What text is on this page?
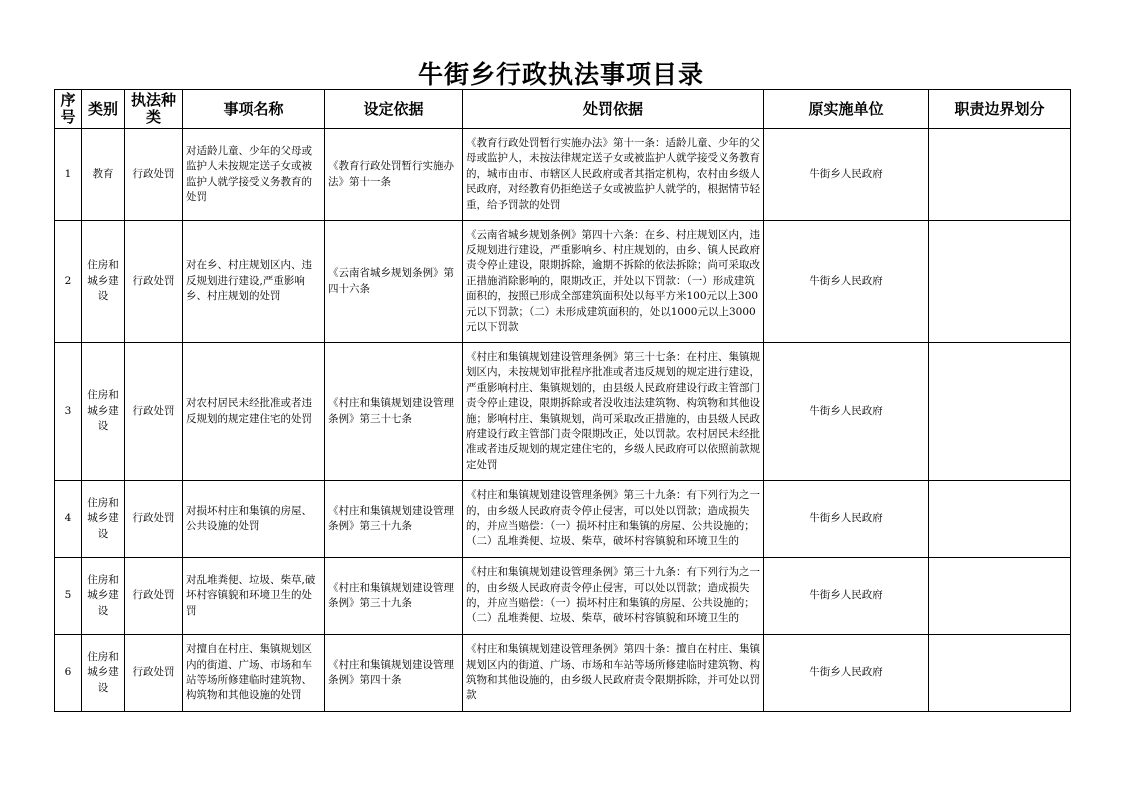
牛街乡行政执法事项目录
序号	类别	执法种类	事项名称	设定依据	处罚依据	原实施单位	职责边界划分
1	教育	行政处罚	对适龄儿童、少年的父母或监护人未按规定送子女或被监护人就学接受义务教育的处罚	《教育行政处罚暂行实施办法》第十一条	《教育行政处罚暂行实施办法》第十一条：适龄儿童、少年的父母或监护人，未按法律规定送子女或被监护人就学接受义务教育的，城市由市、市辖区人民政府或者其指定机构，农村由乡级人民政府，对经教育仍拒绝送子女或被监护人就学的，根据情节轻重，给予罚款的处罚	牛街乡人民政府	
2	住房和城乡建设	行政处罚	对在乡、村庄规划区内、违反规划进行建设,严重影响乡、村庄规划的处罚	《云南省城乡规划条例》第四十六条	《云南省城乡规划条例》第四十六条：在乡、村庄规划区内，违反规划进行建设，严重影响乡、村庄规划的，由乡、镇人民政府责令停止建设，限期拆除，逾期不拆除的依法拆除；尚可采取改正措施消除影响的，限期改正，并处以下罚款：（一）形成建筑面积的，按照已形成全部建筑面积处以每平方米100元以上300元以下罚款；（二）未形成建筑面积的，处以1000元以上3000元以下罚款	牛街乡人民政府	
3	住房和城乡建设	行政处罚	对农村居民未经批准或者违反规划的规定建住宅的处罚	《村庄和集镇规划建设管理条例》第三十七条	《村庄和集镇规划建设管理条例》第三十七条：在村庄、集镇规划区内，未按规划审批程序批准或者违反规划的规定进行建设，严重影响村庄、集镇规划的，由县级人民政府建设行政主管部门责令停止建设，限期拆除或者没收违法建筑物、构筑物和其他设施；影响村庄、集镇规划，尚可采取改正措施的，由县级人民政府建设行政主管部门责令限期改正，处以罚款。农村居民未经批准或者违反规划的规定建住宅的，乡级人民政府可以依照前款规定处罚	牛街乡人民政府	
4	住房和城乡建设	行政处罚	对损坏村庄和集镇的房屋、公共设施的处罚	《村庄和集镇规划建设管理条例》第三十九条	《村庄和集镇规划建设管理条例》第三十九条：有下列行为之一的，由乡级人民政府责令停止侵害，可以处以罚款；造成损失的，并应当赔偿：（一）损坏村庄和集镇的房屋、公共设施的；（二）乱堆粪便、垃圾、柴草，破坏村容镇貌和环境卫生的	牛街乡人民政府	
5	住房和城乡建设	行政处罚	对乱堆粪便、垃圾、柴草,破坏村容镇貌和环境卫生的处罚	《村庄和集镇规划建设管理条例》第三十九条	《村庄和集镇规划建设管理条例》第三十九条：有下列行为之一的，由乡级人民政府责令停止侵害，可以处以罚款；造成损失的，并应当赔偿：（一）损坏村庄和集镇的房屋、公共设施的；（二）乱堆粪便、垃圾、柴草，破坏村容镇貌和环境卫生的	牛街乡人民政府	
6	住房和城乡建设	行政处罚	对擅自在村庄、集镇规划区内的街道、广场、市场和车站等场所修建临时建筑物、构筑物和其他设施的处罚	《村庄和集镇规划建设管理条例》第四十条	《村庄和集镇规划建设管理条例》第四十条：擅自在村庄、集镇规划区内的街道、广场、市场和车站等场所修建临时建筑物、构筑物和其他设施的，由乡级人民政府责令限期拆除，并可处以罚款	牛街乡人民政府	
